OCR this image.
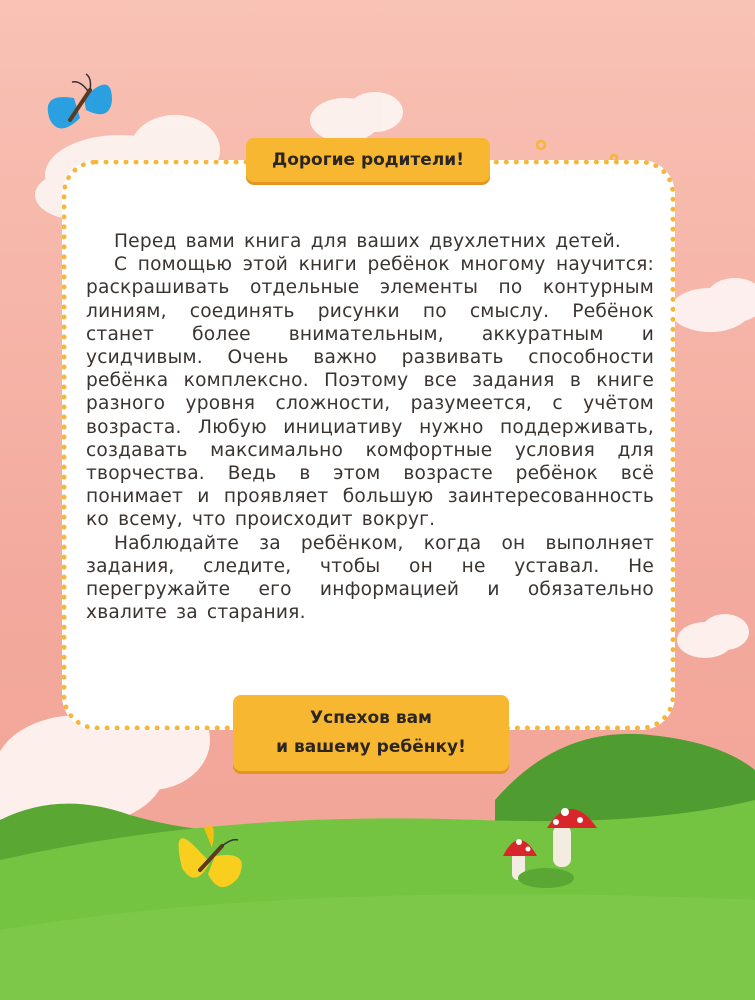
Дорогие родители!

Перед вами книга для ваших двухлетних детей.

С помощью этой книги ребёнок многому научится: раскрашивать отдельные элементы по контурным линиям, соединять рисунки по смыслу. Ребёнок станет более внимательным, аккуратным и усидчивым. Очень важно развивать способности ребёнка комплексно. Поэтому все задания в книге разного уровня сложности, разумеется, с учётом возраста. Любую инициативу нужно поддерживать, создавать максимально комфортные условия для творчества. Ведь в этом возрасте ребёнок всё понимает и проявляет большую заинтересованность ко всему, что происходит вокруг.

Наблюдайте за ребёнком, когда он выполняет задания, следите, чтобы он не уставал. Не перегружайте его информацией и обязательно хвалите за старания.

Успехов вам
и вашему ребёнку!
